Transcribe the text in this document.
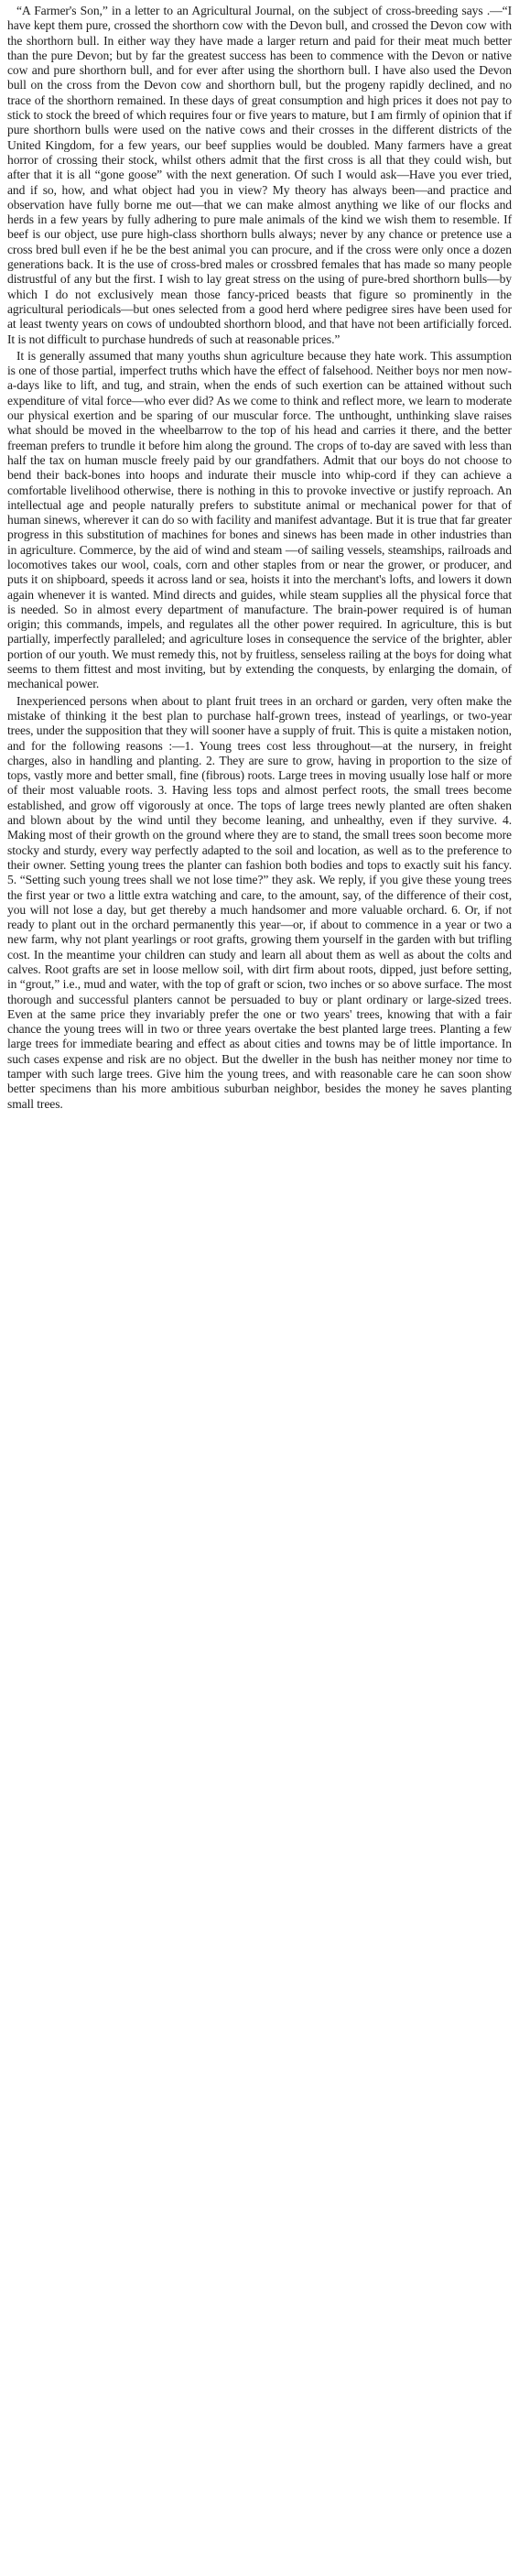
“A Farmer's Son,” in a letter to an Agricultural Journal, on the subject of cross-breeding says .—“I have kept them pure, crossed the shorthorn cow with the Devon bull, and crossed the Devon cow with the shorthorn bull. In either way they have made a larger return and paid for their meat much better than the pure Devon; but by far the greatest success has been to commence with the Devon or native cow and pure shorthorn bull, and for ever after using the shorthorn bull. I have also used the Devon bull on the cross from the Devon cow and shorthorn bull, but the progeny rapidly declined, and no trace of the shorthorn remained. In these days of great consumption and high prices it does not pay to stick to stock the breed of which requires four or five years to mature, but I am firmly of opinion that if pure shorthorn bulls were used on the native cows and their crosses in the different districts of the United Kingdom, for a few years, our beef supplies would be doubled. Many farmers have a great horror of crossing their stock, whilst others admit that the first cross is all that they could wish, but after that it is all “gone goose” with the next generation. Of such I would ask—Have you ever tried, and if so, how, and what object had you in view? My theory has always been—and practice and observation have fully borne me out—that we can make almost anything we like of our flocks and herds in a few years by fully adhering to pure male animals of the kind we wish them to resemble. If beef is our object, use pure high-class shorthorn bulls always; never by any chance or pretence use a cross bred bull even if he be the best animal you can procure, and if the cross were only once a dozen generations back. It is the use of cross-bred males or crossbred females that has made so many people distrustful of any but the first. I wish to lay great stress on the using of pure-bred shorthorn bulls—by which I do not exclusively mean those fancy-priced beasts that figure so prominently in the agricultural periodicals—but ones selected from a good herd where pedigree sires have been used for at least twenty years on cows of undoubted shorthorn blood, and that have not been artificially forced. It is not difficult to purchase hundreds of such at reasonable prices.”

It is generally assumed that many youths shun agriculture because they hate work. This assumption is one of those partial, imperfect truths which have the effect of falsehood. Neither boys nor men now-a-days like to lift, and tug, and strain, when the ends of such exertion can be attained without such expenditure of vital force—who ever did? As we come to think and reflect more, we learn to moderate our physical exertion and be sparing of our muscular force. The unthought, unthinking slave raises what should be moved in the wheelbarrow to the top of his head and carries it there, and the better freeman prefers to trundle it before him along the ground. The crops of to-day are saved with less than half the tax on human muscle freely paid by our grandfathers. Admit that our boys do not choose to bend their back-bones into hoops and indurate their muscle into whip-cord if they can achieve a comfortable livelihood otherwise, there is nothing in this to provoke invective or justify reproach. An intellectual age and people naturally prefers to substitute animal or mechanical power for that of human sinews, wherever it can do so with facility and manifest advantage. But it is true that far greater progress in this substitution of machines for bones and sinews has been made in other industries than in agriculture. Commerce, by the aid of wind and steam —of sailing vessels, steamships, railroads and locomotives takes our wool, coals, corn and other staples from or near the grower, or producer, and puts it on shipboard, speeds it across land or sea, hoists it into the merchant's lofts, and lowers it down again whenever it is wanted. Mind directs and guides, while steam supplies all the physical force that is needed. So in almost every department of manufacture. The brain-power required is of human origin; this commands, impels, and regulates all the other power required. In agriculture, this is but partially, imperfectly paralleled; and agriculture loses in consequence the service of the brighter, abler portion of our youth. We must remedy this, not by fruitless, senseless railing at the boys for doing what seems to them fittest and most inviting, but by extending the conquests, by enlarging the domain, of mechanical power.

Inexperienced persons when about to plant fruit trees in an orchard or garden, very often make the mistake of thinking it the best plan to purchase half-grown trees, instead of yearlings, or two-year trees, under the supposition that they will sooner have a supply of fruit. This is quite a mistaken notion, and for the following reasons :—1. Young trees cost less throughout—at the nursery, in freight charges, also in handling and planting. 2. They are sure to grow, having in proportion to the size of tops, vastly more and better small, fine (fibrous) roots. Large trees in moving usually lose half or more of their most valuable roots. 3. Having less tops and almost perfect roots, the small trees become established, and grow off vigorously at once. The tops of large trees newly planted are often shaken and blown about by the wind until they become leaning, and unhealthy, even if they survive. 4. Making most of their growth on the ground where they are to stand, the small trees soon become more stocky and sturdy, every way perfectly adapted to the soil and location, as well as to the preference to their owner. Setting young trees the planter can fashion both bodies and tops to exactly suit his fancy. 5. “Setting such young trees shall we not lose time?” they ask. We reply, if you give these young trees the first year or two a little extra watching and care, to the amount, say, of the difference of their cost, you will not lose a day, but get thereby a much handsomer and more valuable orchard. 6. Or, if not ready to plant out in the orchard permanently this year—or, if about to commence in a year or two a new farm, why not plant yearlings or root grafts, growing them yourself in the garden with but trifling cost. In the meantime your children can study and learn all about them as well as about the colts and calves. Root grafts are set in loose mellow soil, with dirt firm about roots, dipped, just before setting, in “grout,” i.e., mud and water, with the top of graft or scion, two inches or so above surface. The most thorough and successful planters cannot be persuaded to buy or plant ordinary or large-sized trees. Even at the same price they invariably prefer the one or two years' trees, knowing that with a fair chance the young trees will in two or three years overtake the best planted large trees. Planting a few large trees for immediate bearing and effect as about cities and towns may be of little importance. In such cases expense and risk are no object. But the dweller in the bush has neither money nor time to tamper with such large trees. Give him the young trees, and with reasonable care he can soon show better specimens than his more ambitious suburban neighbor, besides the money he saves planting small trees.
